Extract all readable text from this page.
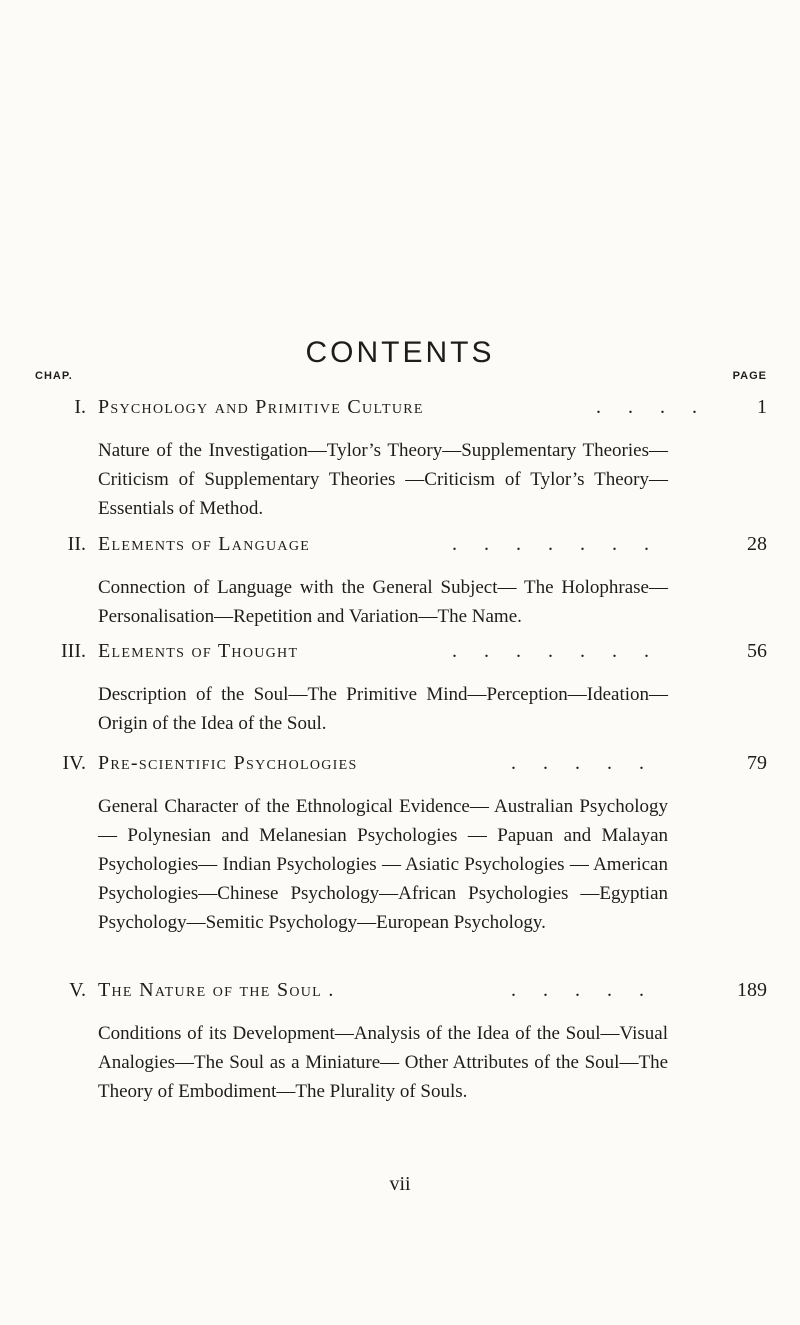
CONTENTS
CHAP.	PAGE
I. Psychology and Primitive Culture	. . . . 1

Nature of the Investigation—Tylor’s Theory—Supplementary Theories—Criticism of Supplementary Theories —Criticism of Tylor’s Theory—Essentials of Method.

II. Elements of Language	. . . . . . .	28

Connection of Language with the General Subject— The Holophrase—Personalisation—Repetition and Variation—The Name.

III. Elements of Thought	. . . . . . .	56

Description of the Soul—The Primitive Mind—Perception—Ideation—Origin of the Idea of the Soul.

IV. Pre-scientific Psychologies	. . . . .	79

General Character of the Ethnological Evidence— Australian Psychology — Polynesian and Melanesian Psychologies — Papuan and Malayan Psychologies— Indian Psychologies — Asiatic Psychologies — American Psychologies—Chinese Psychology—African Psychologies —Egyptian Psychology—Semitic Psychology—European Psychology.

V. The Nature of the Soul .	. . . . .	189

Conditions of its Development—Analysis of the Idea of the Soul—Visual Analogies—The Soul as a Miniature— Other Attributes of the Soul—The Theory of Embodiment—The Plurality of Souls.

vii
